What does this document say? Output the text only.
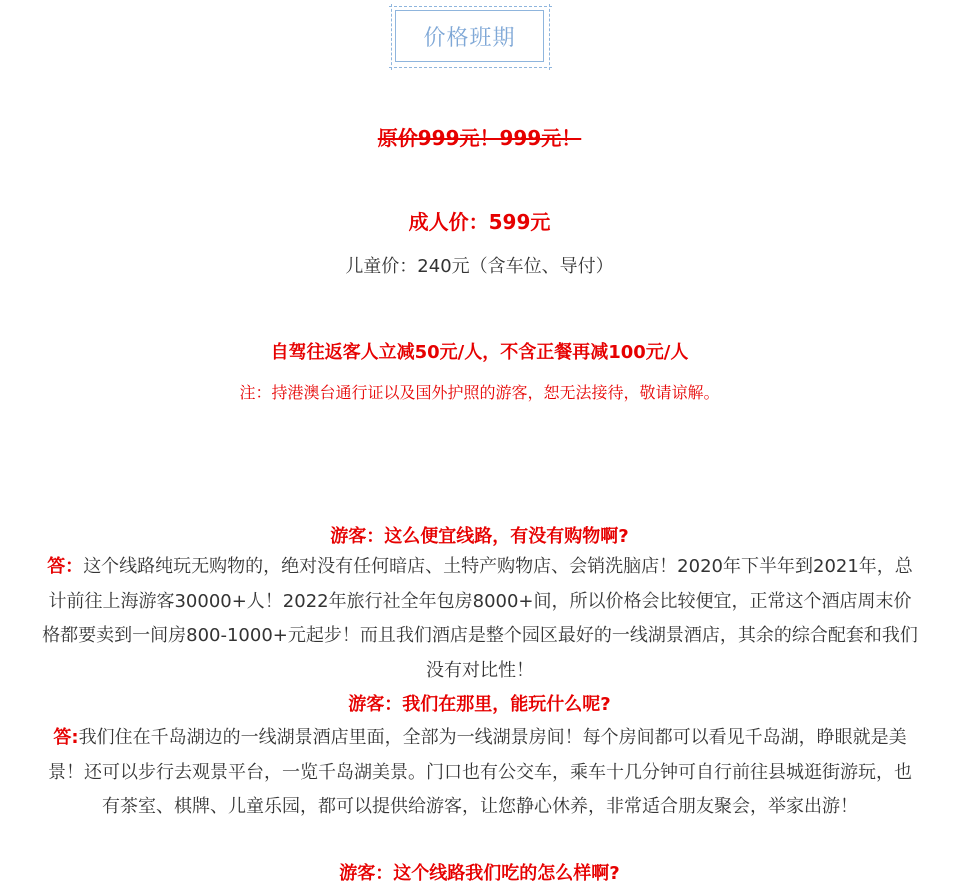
价格班期
原价999元！999元！
成人价：599元
儿童价：240元（含车位、导付）
自驾往返客人立减50元/人，不含正餐再减100元/人
注：持港澳台通行证以及国外护照的游客，恕无法接待，敬请谅解。
游客：这么便宜线路，有没有购物啊?
答：这个线路纯玩无购物的，绝对没有任何暗店、土特产购物店、会销洗脑店！2020年下半年到2021年，总计前往上海游客30000+人！2022年旅行社全年包房8000+间，所以价格会比较便宜，正常这个酒店周末价格都要卖到一间房800-1000+元起步！而且我们酒店是整个园区最好的一线湖景酒店，其余的综合配套和我们没有对比性！
游客：我们在那里，能玩什么呢?
答:我们住在千岛湖边的一线湖景酒店里面，全部为一线湖景房间！每个房间都可以看见千岛湖，睁眼就是美景！还可以步行去观景平台，一览千岛湖美景。门口也有公交车，乘车十几分钟可自行前往县城逛街游玩，也有茶室、棋牌、儿童乐园，都可以提供给游客，让您静心休养，非常适合朋友聚会，举家出游！
游客：这个线路我们吃的怎么样啊?
